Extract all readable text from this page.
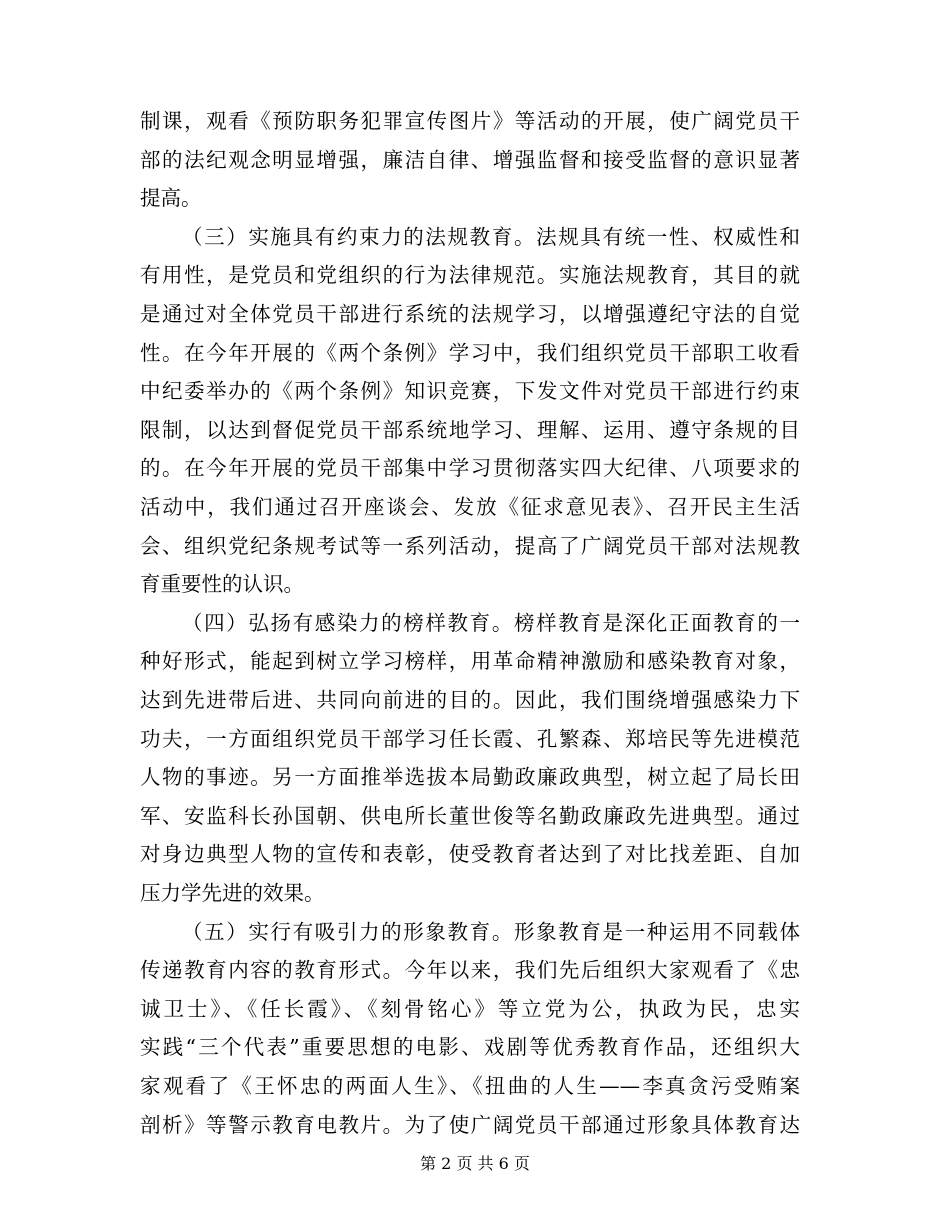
制课，观看《预防职务犯罪宣传图片》等活动的开展，使广阔党员干
部的法纪观念明显增强，廉洁自律、增强监督和接受监督的意识显著
提高。
（三）实施具有约束力的法规教育。法规具有统一性、权威性和
有用性，是党员和党组织的行为法律规范。实施法规教育，其目的就
是通过对全体党员干部进行系统的法规学习，以增强遵纪守法的自觉
性。在今年开展的《两个条例》学习中，我们组织党员干部职工收看
中纪委举办的《两个条例》知识竞赛，下发文件对党员干部进行约束
限制，以达到督促党员干部系统地学习、理解、运用、遵守条规的目
的。在今年开展的党员干部集中学习贯彻落实四大纪律、八项要求的
活动中，我们通过召开座谈会、发放《征求意见表》、召开民主生活
会、组织党纪条规考试等一系列活动，提高了广阔党员干部对法规教
育重要性的认识。
（四）弘扬有感染力的榜样教育。榜样教育是深化正面教育的一
种好形式，能起到树立学习榜样，用革命精神激励和感染教育对象，
达到先进带后进、共同向前进的目的。因此，我们围绕增强感染力下
功夫，一方面组织党员干部学习任长霞、孔繁森、郑培民等先进模范
人物的事迹。另一方面推举选拔本局勤政廉政典型，树立起了局长田
军、安监科长孙国朝、供电所长董世俊等名勤政廉政先进典型。通过
对身边典型人物的宣传和表彰，使受教育者达到了对比找差距、自加
压力学先进的效果。
（五）实行有吸引力的形象教育。形象教育是一种运用不同载体
传递教育内容的教育形式。今年以来，我们先后组织大家观看了《忠
诚卫士》、《任长霞》、《刻骨铭心》等立党为公，执政为民，忠实
实践“三个代表”重要思想的电影、戏剧等优秀教育作品，还组织大
家观看了《王怀忠的两面人生》、《扭曲的人生——李真贪污受贿案
剖析》等警示教育电教片。为了使广阔党员干部通过形象具体教育达
第 2 页 共 6 页
